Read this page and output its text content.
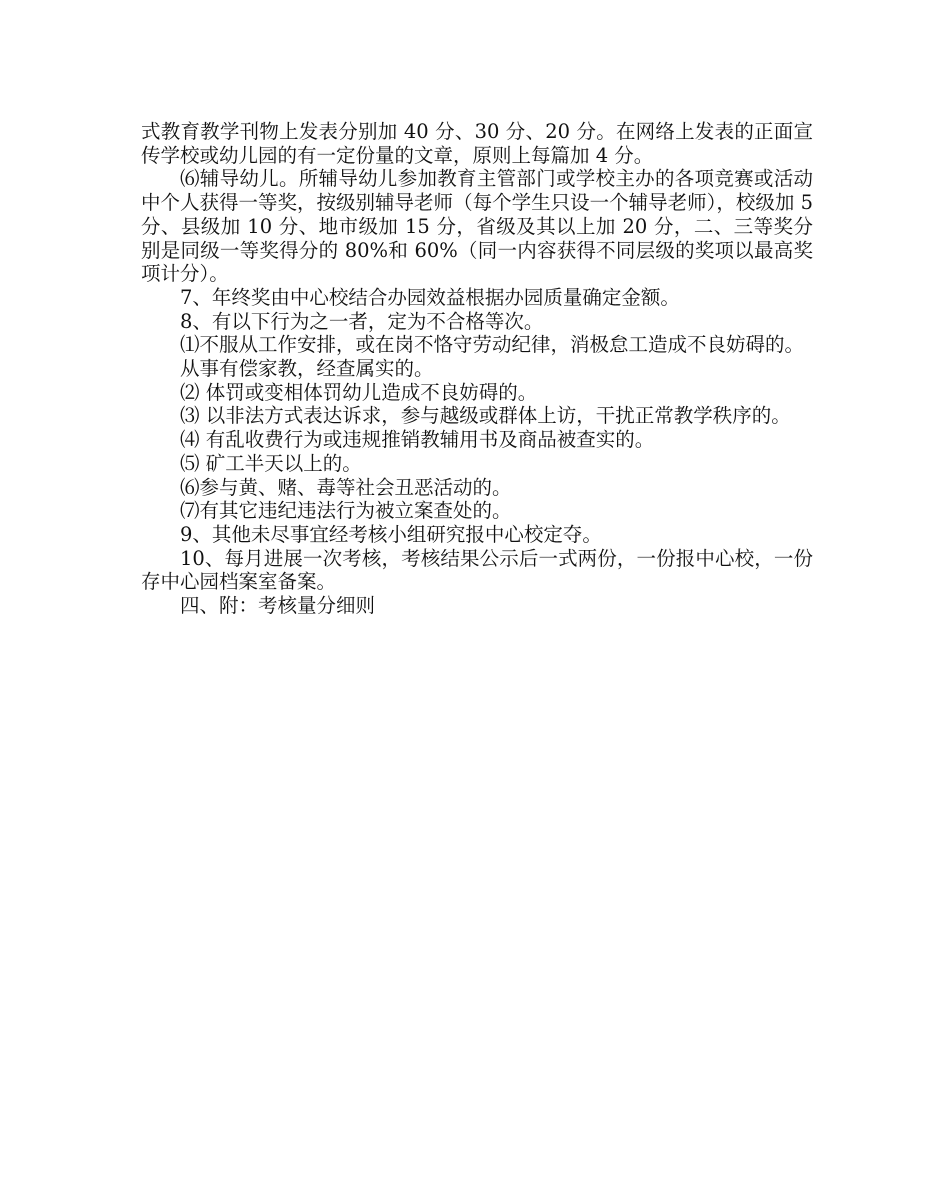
式教育教学刊物上发表分别加 40 分、30 分、20 分。在网络上发表的正面宣传学校或幼儿园的有一定份量的文章，原则上每篇加 4 分。

⑹辅导幼儿。所辅导幼儿参加教育主管部门或学校主办的各项竞赛或活动中个人获得一等奖，按级别辅导老师（每个学生只设一个辅导老师），校级加 5 分、县级加 10 分、地市级加 15 分，省级及其以上加 20 分，二、三等奖分别是同级一等奖得分的 80%和 60%（同一内容获得不同层级的奖项以最高奖项计分）。

7、年终奖由中心校结合办园效益根据办园质量确定金额。

8、有以下行为之一者，定为不合格等次。

⑴不服从工作安排，或在岗不恪守劳动纪律，消极怠工造成不良妨碍的。

从事有偿家教，经查属实的。

⑵ 体罚或变相体罚幼儿造成不良妨碍的。

⑶ 以非法方式表达诉求，参与越级或群体上访，干扰正常教学秩序的。

⑷ 有乱收费行为或违规推销教辅用书及商品被查实的。

⑸ 矿工半天以上的。

⑹参与黄、赌、毒等社会丑恶活动的。

⑺有其它违纪违法行为被立案查处的。

9、其他未尽事宜经考核小组研究报中心校定夺。

10、每月进展一次考核，考核结果公示后一式两份，一份报中心校，一份存中心园档案室备案。

四、附：考核量分细则
